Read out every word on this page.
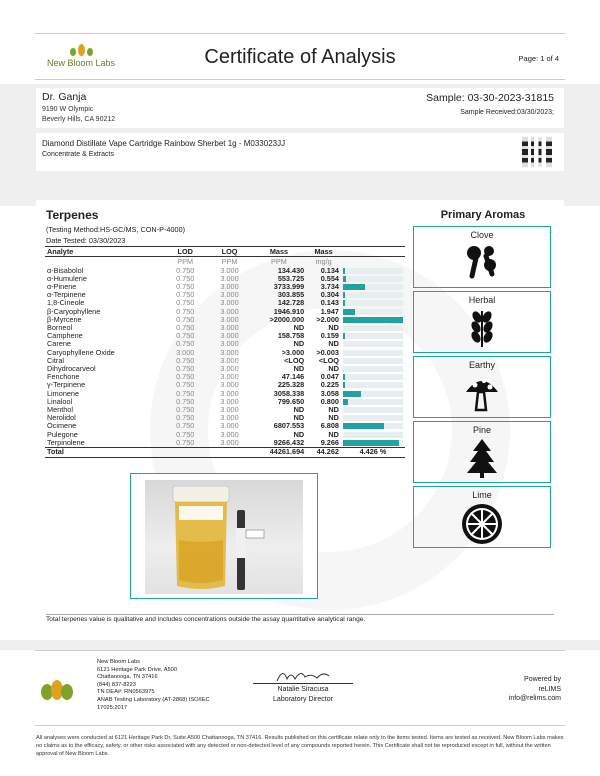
New Bloom Labs	Certificate of Analysis	Page: 1 of 4
Dr. Ganja
9190 W Olympic
Beverly Hills, CA 90212
Sample: 03-30-2023-31815
Sample Received:03/30/2023;
Diamond Distillate Vape Cartridge Rainbow Sherbet 1g - M033023JJ
Concentrate & Extracts
Terpenes
(Testing Method:HS-GC/MS, CON-P-4000)
Date Tested: 03/30/2023
Analyte	LOD	LOQ	Mass	Mass	
	PPM	PPM	PPM	mg/g	
α-Bisabolol	0.750	3.000	134.430	0.134	

α-Humulene	0.750	3.000	553.725	0.554	

α-Pinene	0.750	3.000	3733.999	3.734	

α-Terpinene	0.750	3.000	303.855	0.304	

1,8-Cineole	0.750	3.000	142.728	0.143	

β-Caryophyllene	0.750	3.000	1946.910	1.947	

β-Myrcene	0.750	3.000	>2000.000	>2.000	

Borneol	0.750	3.000	ND	ND	

Camphene	0.750	3.000	158.758	0.159	

Carene	0.750	3.000	ND	ND	

Caryophyllene Oxide	3.000	3.000	>3.000	>0.003	

Citral	0.750	3.000	<LOQ	<LOQ	

Dihydrocarveol	0.750	3.000	ND	ND	

Fenchone	0.750	3.000	47.146	0.047	

γ-Terpinene	0.750	3.000	225.328	0.225	

Limonene	0.750	3.000	3058.338	3.058	

Linalool	0.750	3.000	799.650	0.800	

Menthol	0.750	3.000	ND	ND	

Nerolidol	0.750	3.000	ND	ND	

Ocimene	0.750	3.000	6807.553	6.808	

Pulegone	0.750	3.000	ND	ND	

Terpinolene	0.750	3.000	9266.432	9.266	

Total			44261.694	44.262	4.426 %
Primary Aromas
Clove
Herbal
Earthy
Pine
Lime
Total terpenes value is qualitative and includes concentrations outside the assay quantitative analytical range.
New Bloom Labs
6121 Heritage Park Drive, A500
Chattanooga, TN 37416
(844) 837-8223
TN DEA#: RN0563975
ANAB Testing Laboratory (AT-2868) ISO/IEC
17025:2017
Natalie Siracusa
Laboratory Director
Powered by
reLIMS
info@relims.com
All analyses were conducted at 6121 Heritage Park Dr, Suite A500 Chattanooga, TN 37416. Results published on this certificate relate only to the items tested. Items are tested as received. New Bloom Labs makes no claims as to the efficacy, safety, or other risks associated with any detected or non-detected level of any compounds reported herein. This Certificate shall not be reproduced except in full, without the written approval of New Bloom Labs.
